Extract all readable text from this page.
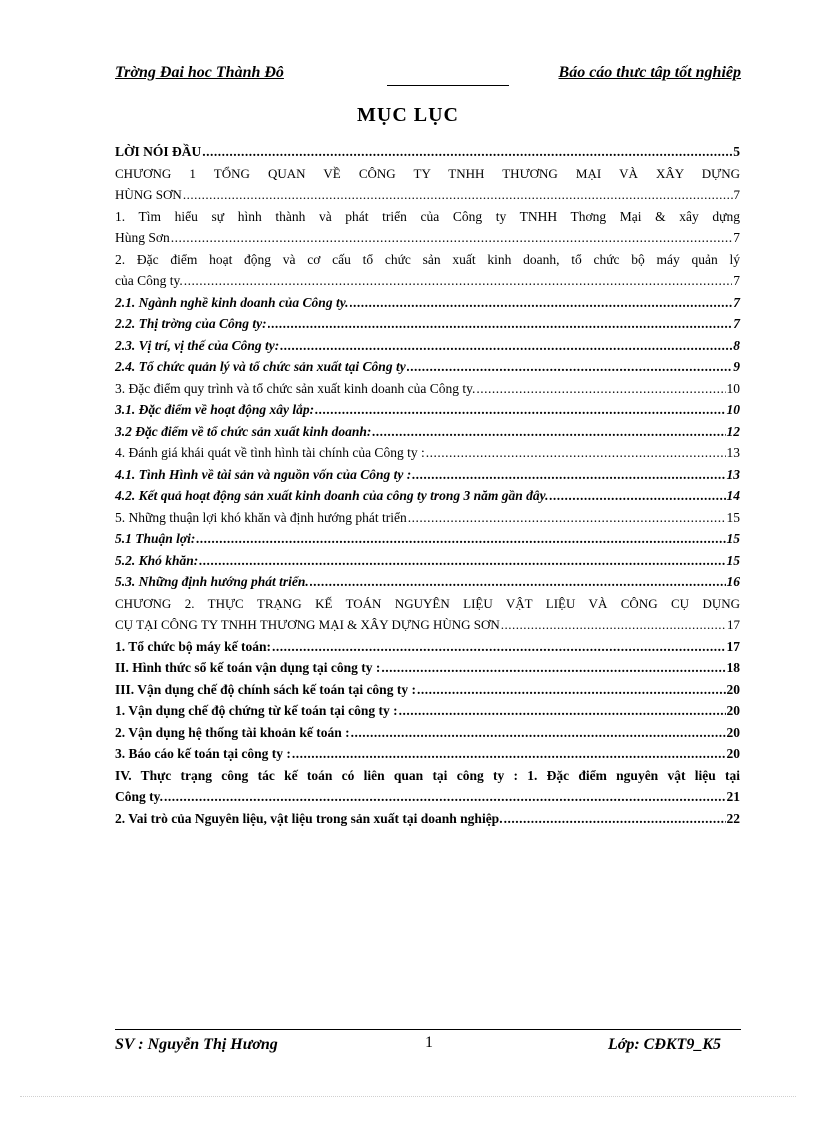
Trờng Đai hoc Thành Đô	Báo cáo thưc tâp tốt nghiêp
MỤC LỤC
LỜI NÓI ĐẦU .....	5
CHƯƠNG 1 TỔNG QUAN VỀ CÔNG TY TNHH THƯƠNG MẠI VÀ XÂY DỰNG
HÙNG SƠN .....	7
1. Tìm hiểu sự hình thành và phát triển của Công ty TNHH Thơng Mại & xây dựng
Hùng Sơn .....	7
2. Đặc điểm hoạt động và cơ cấu tổ chức sản xuất kinh doanh, tổ chức bộ máy quản lý
của Công ty. .....	7
2.1. Ngành nghề kinh doanh của Công ty. .....	7
2.2. Thị trờng của Công ty: .....	7
2.3. Vị trí, vị thế của Công ty: .....	8
2.4. Tổ chức quản lý và tổ chức sản xuất tại Công ty .....	9
3. Đặc điểm quy trình và tổ chức sản xuất kinh doanh của Công ty. .....	10
3.1. Đặc điểm về hoạt động xây lắp: .....	10
3.2 Đặc điểm về tổ chức sản xuất kinh doanh: .....	12
4. Đánh giá khái quát về tình hình tài chính của Công ty : .....	13
4.1. Tình Hình về tài sản và nguồn vốn của Công ty : .....	13
4.2. Kết quả hoạt động sản xuất kinh doanh của công ty trong 3 năm gần đây. .....	14
5. Những thuận lợi khó khăn và định hướng phát triển .....	15
5.1 Thuận lợi: .....	15
5.2. Khó khăn: .....	15
5.3. Những định hướng phát triển. .....	16
CHƯƠNG 2. THỰC TRẠNG KẾ TOÁN NGUYÊN LIỆU VẬT LIỆU VÀ CÔNG CỤ DỤNG
CỤ TẠI CÔNG TY TNHH THƯƠNG MẠI & XÂY DỰNG HÙNG SƠN .....	17
1. Tổ chức bộ máy kế toán: .....	17
II. Hình thức sổ kế toán vận dụng tại công ty : .....	18
III. Vận dụng chế độ chính sách kế toán tại công ty : .....	20
1. Vận dụng chế độ chứng từ kế toán tại công ty : .....	20
2. Vận dụng hệ thống tài khoản kế toán : .....	20
3. Báo cáo kế toán tại công ty : .....	20
IV. Thực trạng công tác kế toán có liên quan tại công ty : 1. Đặc điểm nguyên vật liệu tại
Công ty. .....	21
2. Vai trò của Nguyên liệu, vật liệu trong sản xuất tại doanh nghiệp. .....	22
SV : Nguyễn Thị Hương	1	Lớp: CĐKT9_K5
